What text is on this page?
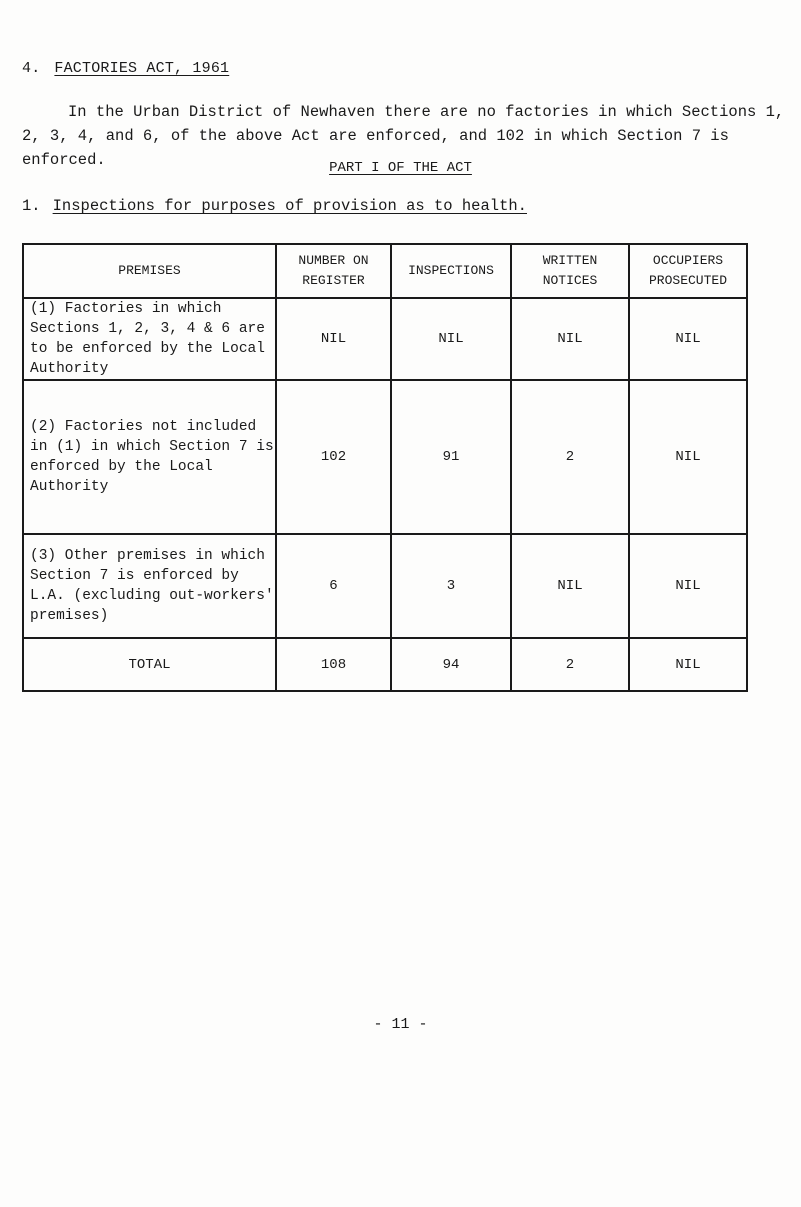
4. FACTORIES ACT, 1961
In the Urban District of Newhaven there are no factories in which Sections 1, 2, 3, 4, and 6, of the above Act are enforced, and 102 in which Section 7 is enforced.	PART I OF THE ACT
1. Inspections for purposes of provision as to health.
PREMISES	NUMBER ON REGISTER	INSPECTIONS	WRITTEN NOTICES	OCCUPIERS PROSECUTED
(1) Factories in which Sections 1, 2, 3, 4 & 6 are to be enforced by the Local Authority	NIL	NIL	NIL	NIL
(2) Factories not included in (1) in which Section 7 is enforced by the Local Authority	102	91	2	NIL
(3) Other premises in which Section 7 is enforced by L.A. (excluding out-workers' premises)	6	3	NIL	NIL
TOTAL	108	94	2	NIL
- 11 -
